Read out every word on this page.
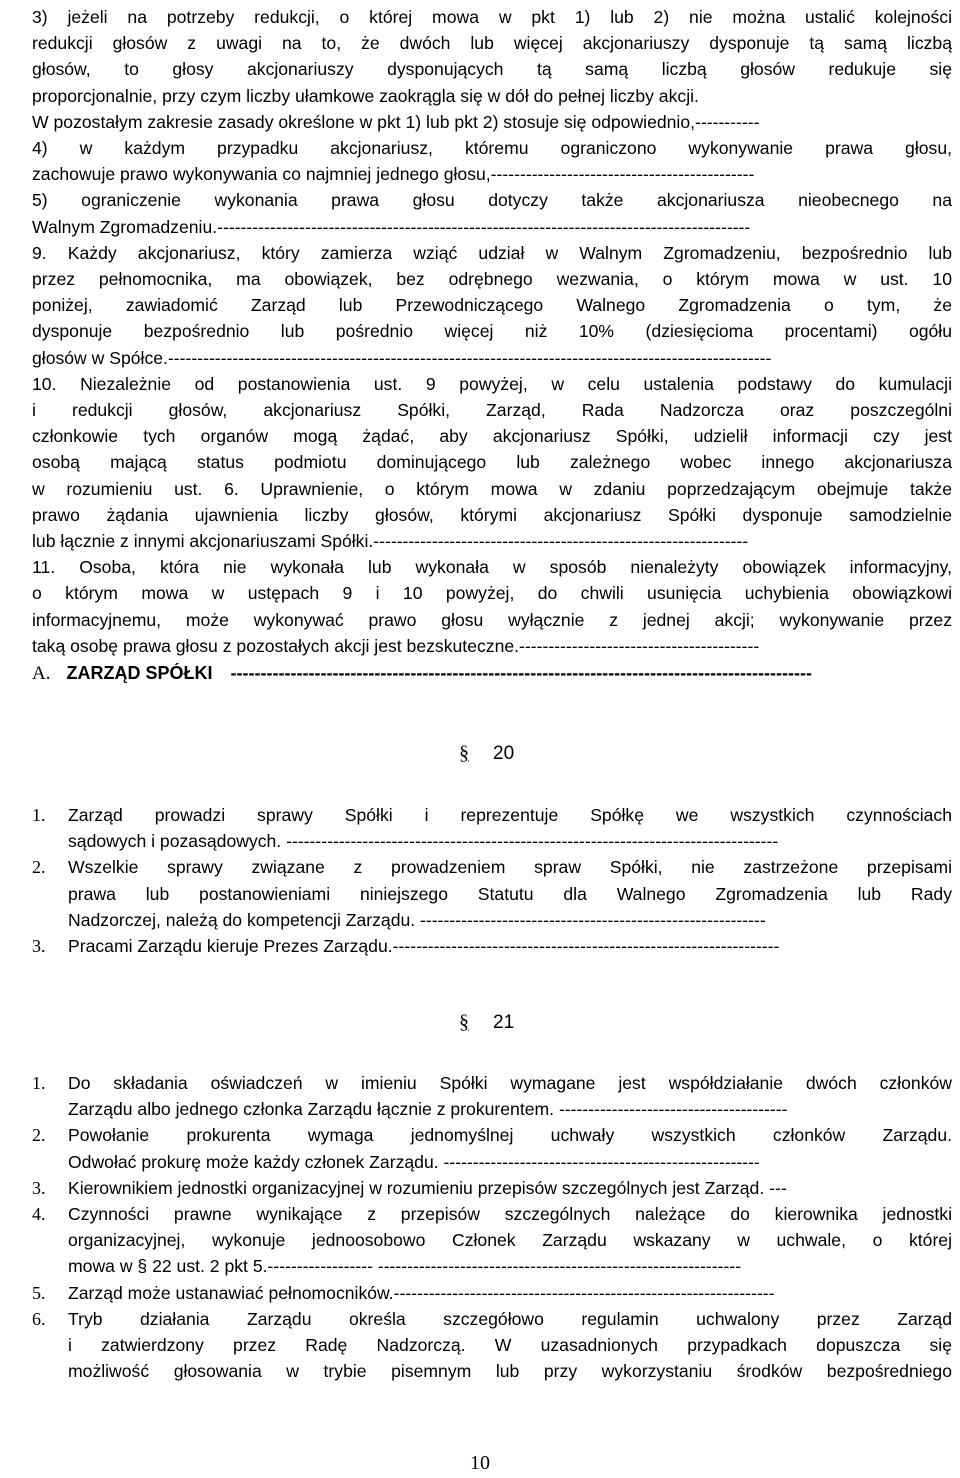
3) jeżeli na potrzeby redukcji, o której mowa w pkt 1) lub 2) nie można ustalić kolejności
redukcji głosów z uwagi na to, że dwóch lub więcej akcjonariuszy dysponuje tą samą liczbą
głosów, to głosy akcjonariuszy dysponujących tą samą liczbą głosów redukuje się
proporcjonalnie, przy czym liczby ułamkowe zaokrągla się w dół do pełnej liczby akcji.
W pozostałym zakresie zasady określone w pkt 1) lub pkt 2) stosuje się odpowiednio,-----------
4) w każdym przypadku akcjonariusz, któremu ograniczono wykonywanie prawa głosu,
zachowuje prawo wykonywania co najmniej jednego głosu,---------------------------------------------
5) ograniczenie wykonania prawa głosu dotyczy także akcjonariusza nieobecnego na
Walnym Zgromadzeniu.-------------------------------------------------------------------------------------------
9. Każdy akcjonariusz, który zamierza wziąć udział w Walnym Zgromadzeniu, bezpośrednio lub
przez pełnomocnika, ma obowiązek, bez odrębnego wezwania, o którym mowa w ust. 10
poniżej, zawiadomić Zarząd lub Przewodniczącego Walnego Zgromadzenia o tym, że
dysponuje bezpośrednio lub pośrednio więcej niż 10% (dziesięcioma procentami) ogółu
głosów w Spółce.-------------------------------------------------------------------------------------------------------
10. Niezależnie od postanowienia ust. 9 powyżej, w celu ustalenia podstawy do kumulacji
i redukcji głosów, akcjonariusz Spółki, Zarząd, Rada Nadzorcza oraz poszczególni
członkowie tych organów mogą żądać, aby akcjonariusz Spółki, udzielił informacji czy jest
osobą mającą status podmiotu dominującego lub zależnego wobec innego akcjonariusza
w rozumieniu ust. 6. Uprawnienie, o którym mowa w zdaniu poprzedzającym obejmuje także
prawo żądania ujawnienia liczby głosów, którymi akcjonariusz Spółki dysponuje samodzielnie
lub łącznie z innymi akcjonariuszami Spółki.----------------------------------------------------------------
11. Osoba, która nie wykonała lub wykonała w sposób nienależyty obowiązek informacyjny,
o którym mowa w ustępach 9 i 10 powyżej, do chwili usunięcia uchybienia obowiązkowi
informacyjnemu, może wykonywać prawo głosu wyłącznie z jednej akcji; wykonywanie przez
taką osobę prawa głosu z pozostałych akcji jest bezskuteczne.-----------------------------------------
A. ZARZĄD SPÓŁKI -------------------------------------------------------------------------------------------------
§ 20
1. Zarząd prowadzi sprawy Spółki i reprezentuje Spółkę we wszystkich czynnościach
sądowych i pozasądowych. ------------------------------------------------------------------------------------
2. Wszelkie sprawy związane z prowadzeniem spraw Spółki, nie zastrzeżone przepisami
prawa lub postanowieniami niniejszego Statutu dla Walnego Zgromadzenia lub Rady
Nadzorczej, należą do kompetencji Zarządu. -----------------------------------------------------------
3. Pracami Zarządu kieruje Prezes Zarządu.------------------------------------------------------------------
§ 21
1. Do składania oświadczeń w imieniu Spółki wymagane jest współdziałanie dwóch członków
Zarządu albo jednego członka Zarządu łącznie z prokurentem. ---------------------------------------
2. Powołanie prokurenta wymaga jednomyślnej uchwały wszystkich członków Zarządu.
Odwołać prokurę może każdy członek Zarządu. ------------------------------------------------------
3. Kierownikiem jednostki organizacyjnej w rozumieniu przepisów szczególnych jest Zarząd. ---
4. Czynności prawne wynikające z przepisów szczególnych należące do kierownika jednostki
organizacyjnej, wykonuje jednoosobowo Członek Zarządu wskazany w uchwale, o której
mowa w § 22 ust. 2 pkt 5.------------------ --------------------------------------------------------------
5. Zarząd może ustanawiać pełnomocników.-----------------------------------------------------------------
6. Tryb działania Zarządu określa szczegółowo regulamin uchwalony przez Zarząd
i zatwierdzony przez Radę Nadzorczą. W uzasadnionych przypadkach dopuszcza się
możliwość głosowania w trybie pisemnym lub przy wykorzystaniu środków bezpośredniego
10
